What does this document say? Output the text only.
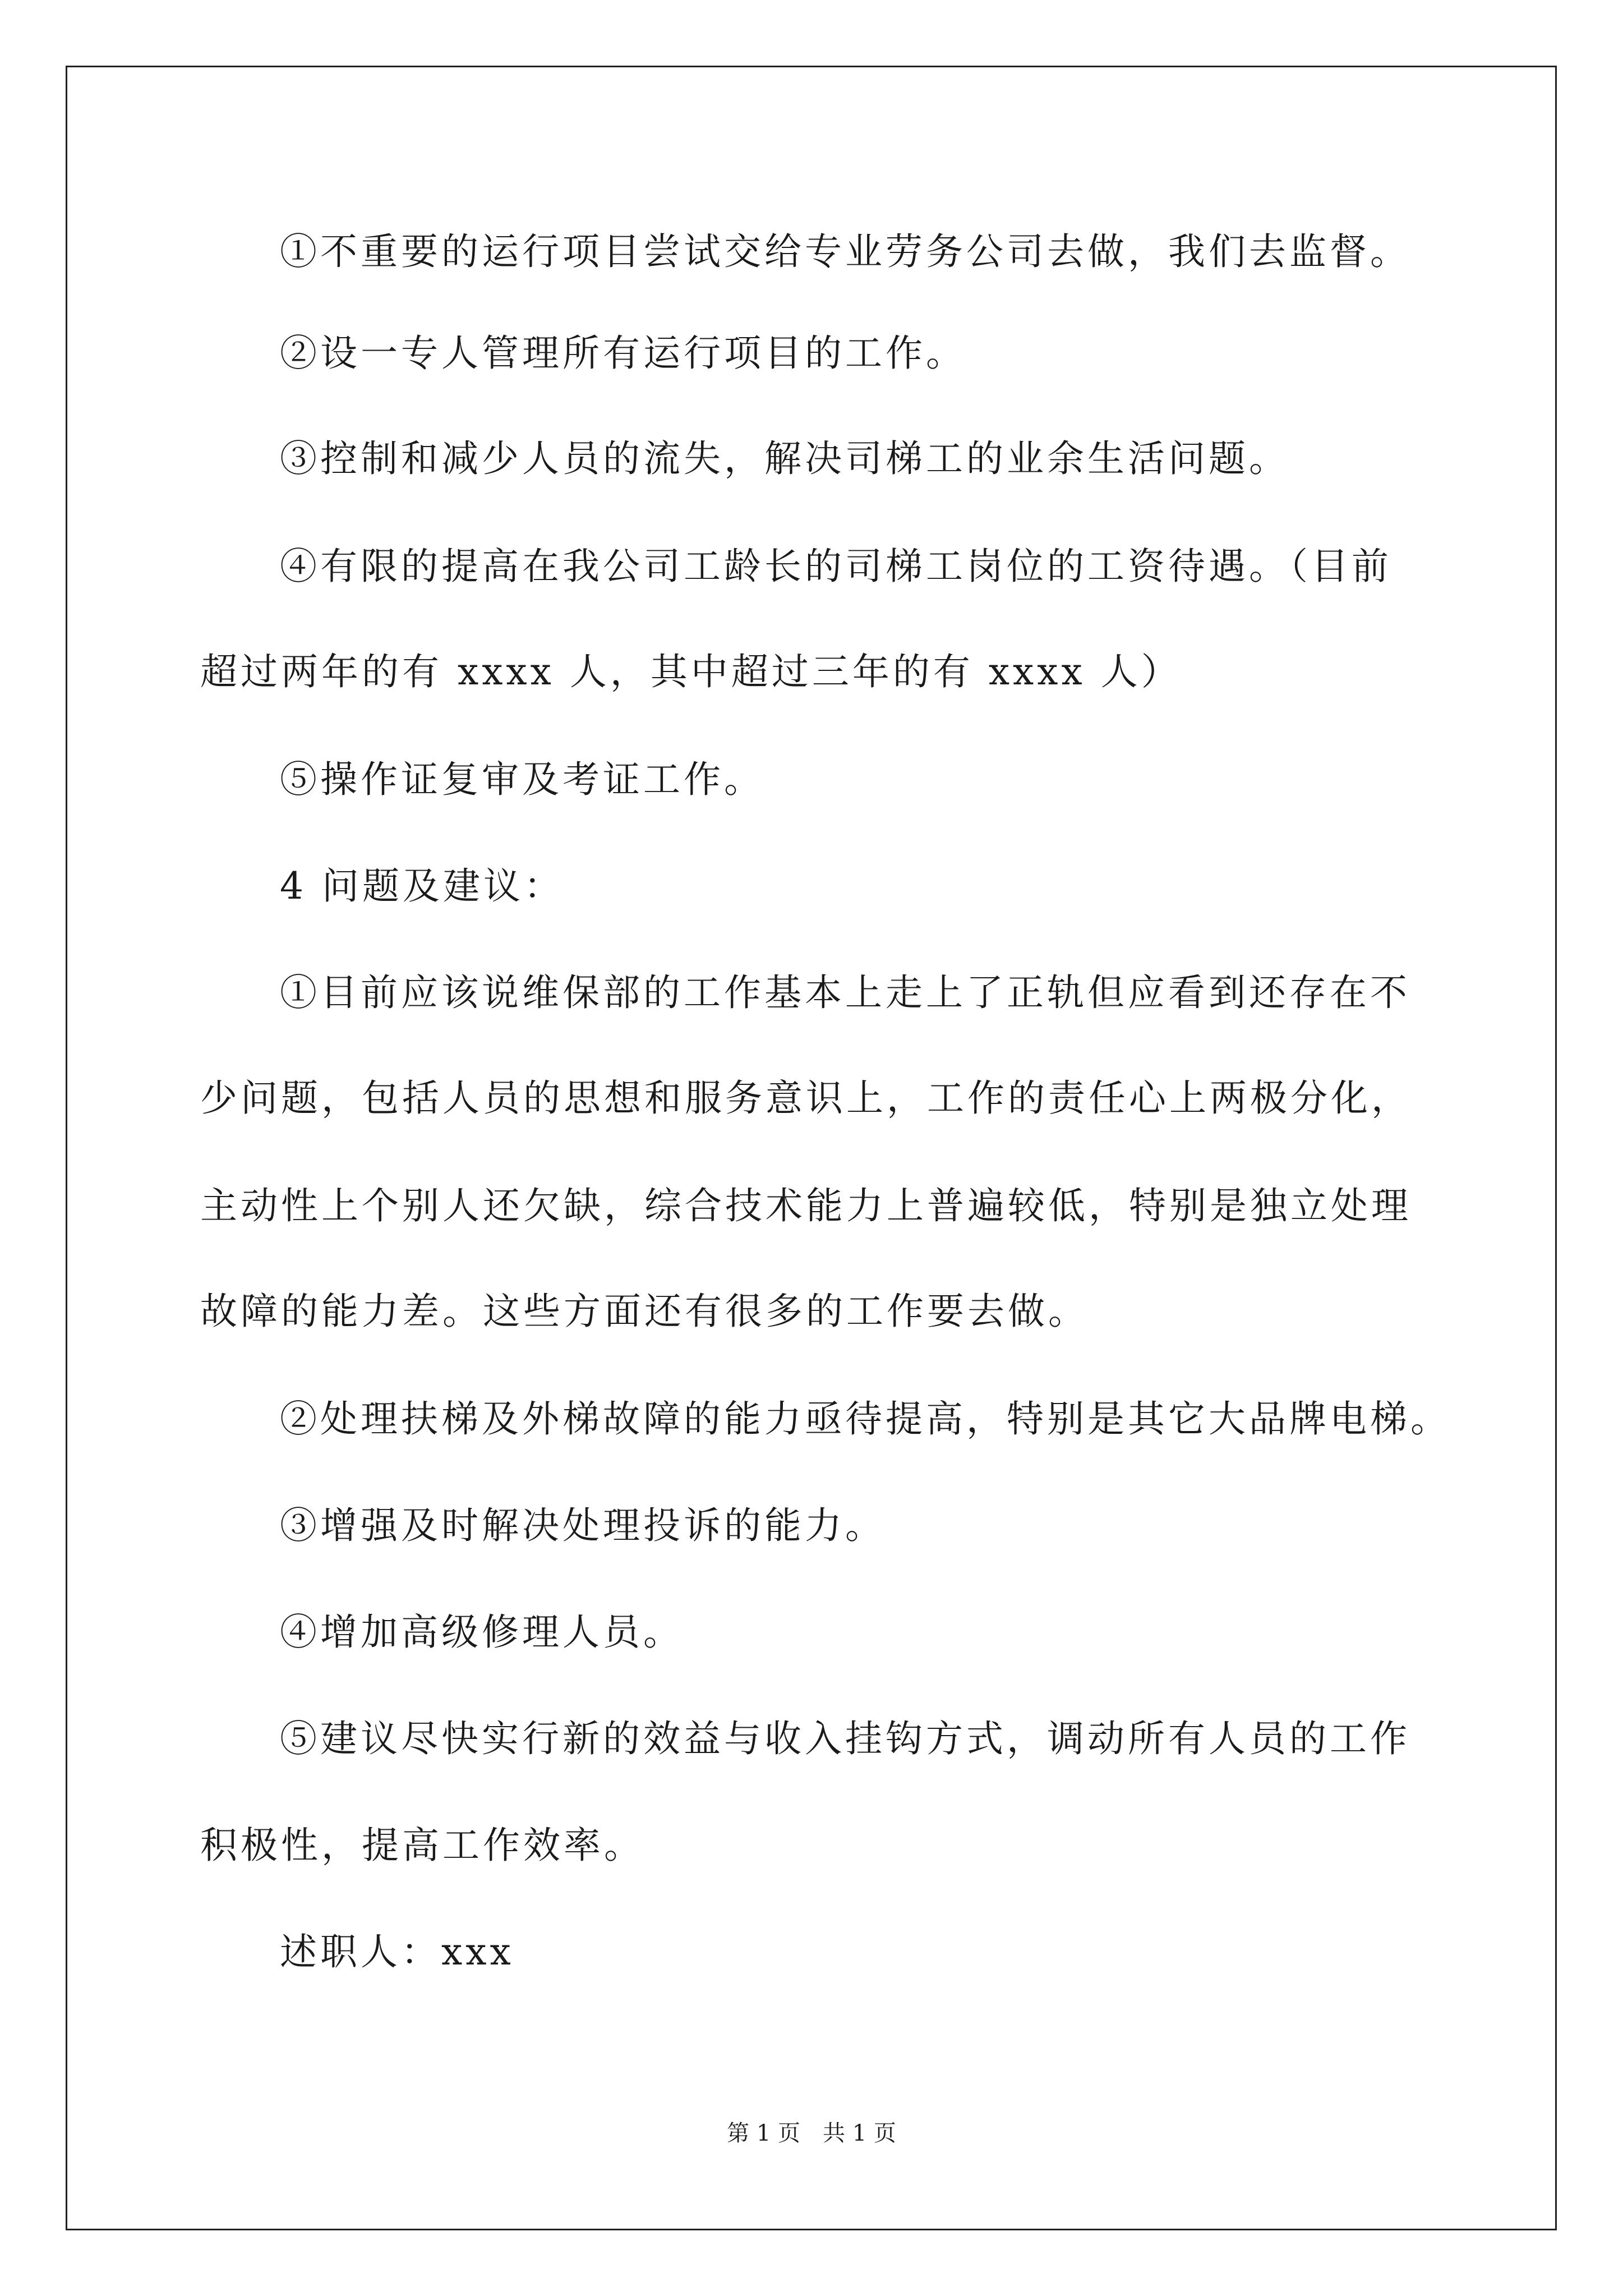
①不重要的运行项目尝试交给专业劳务公司去做，我们去监督。
②设一专人管理所有运行项目的工作。
③控制和减少人员的流失，解决司梯工的业余生活问题。
④有限的提高在我公司工龄长的司梯工岗位的工资待遇。（目前
超过两年的有 xxxx 人，其中超过三年的有 xxxx 人）
⑤操作证复审及考证工作。
4 问题及建议：
①目前应该说维保部的工作基本上走上了正轨但应看到还存在不
少问题，包括人员的思想和服务意识上，工作的责任心上两极分化，
主动性上个别人还欠缺，综合技术能力上普遍较低，特别是独立处理
故障的能力差。这些方面还有很多的工作要去做。
②处理扶梯及外梯故障的能力亟待提高，特别是其它大品牌电梯。
③增强及时解决处理投诉的能力。
④增加高级修理人员。
⑤建议尽快实行新的效益与收入挂钩方式，调动所有人员的工作
积极性，提高工作效率。
述职人：xxx
第 1 页　共 1 页
